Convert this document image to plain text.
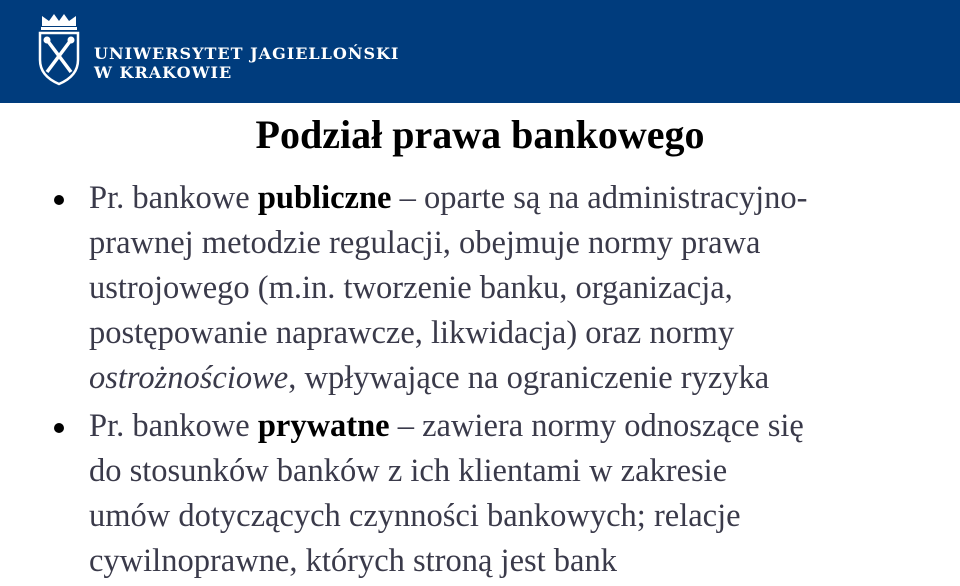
UNIWERSYTET JAGIELLOŃSKI
W KRAKOWIE
Podział prawa bankowego
Pr. bankowe publiczne – oparte są na administracyjno-
prawnej metodzie regulacji, obejmuje normy prawa
ustrojowego (m.in. tworzenie banku, organizacja,
postępowanie naprawcze, likwidacja) oraz normy
ostrożnościowe, wpływające na ograniczenie ryzyka
Pr. bankowe prywatne – zawiera normy odnoszące się
do stosunków banków z ich klientami w zakresie
umów dotyczących czynności bankowych; relacje
cywilnoprawne, których stroną jest bank
